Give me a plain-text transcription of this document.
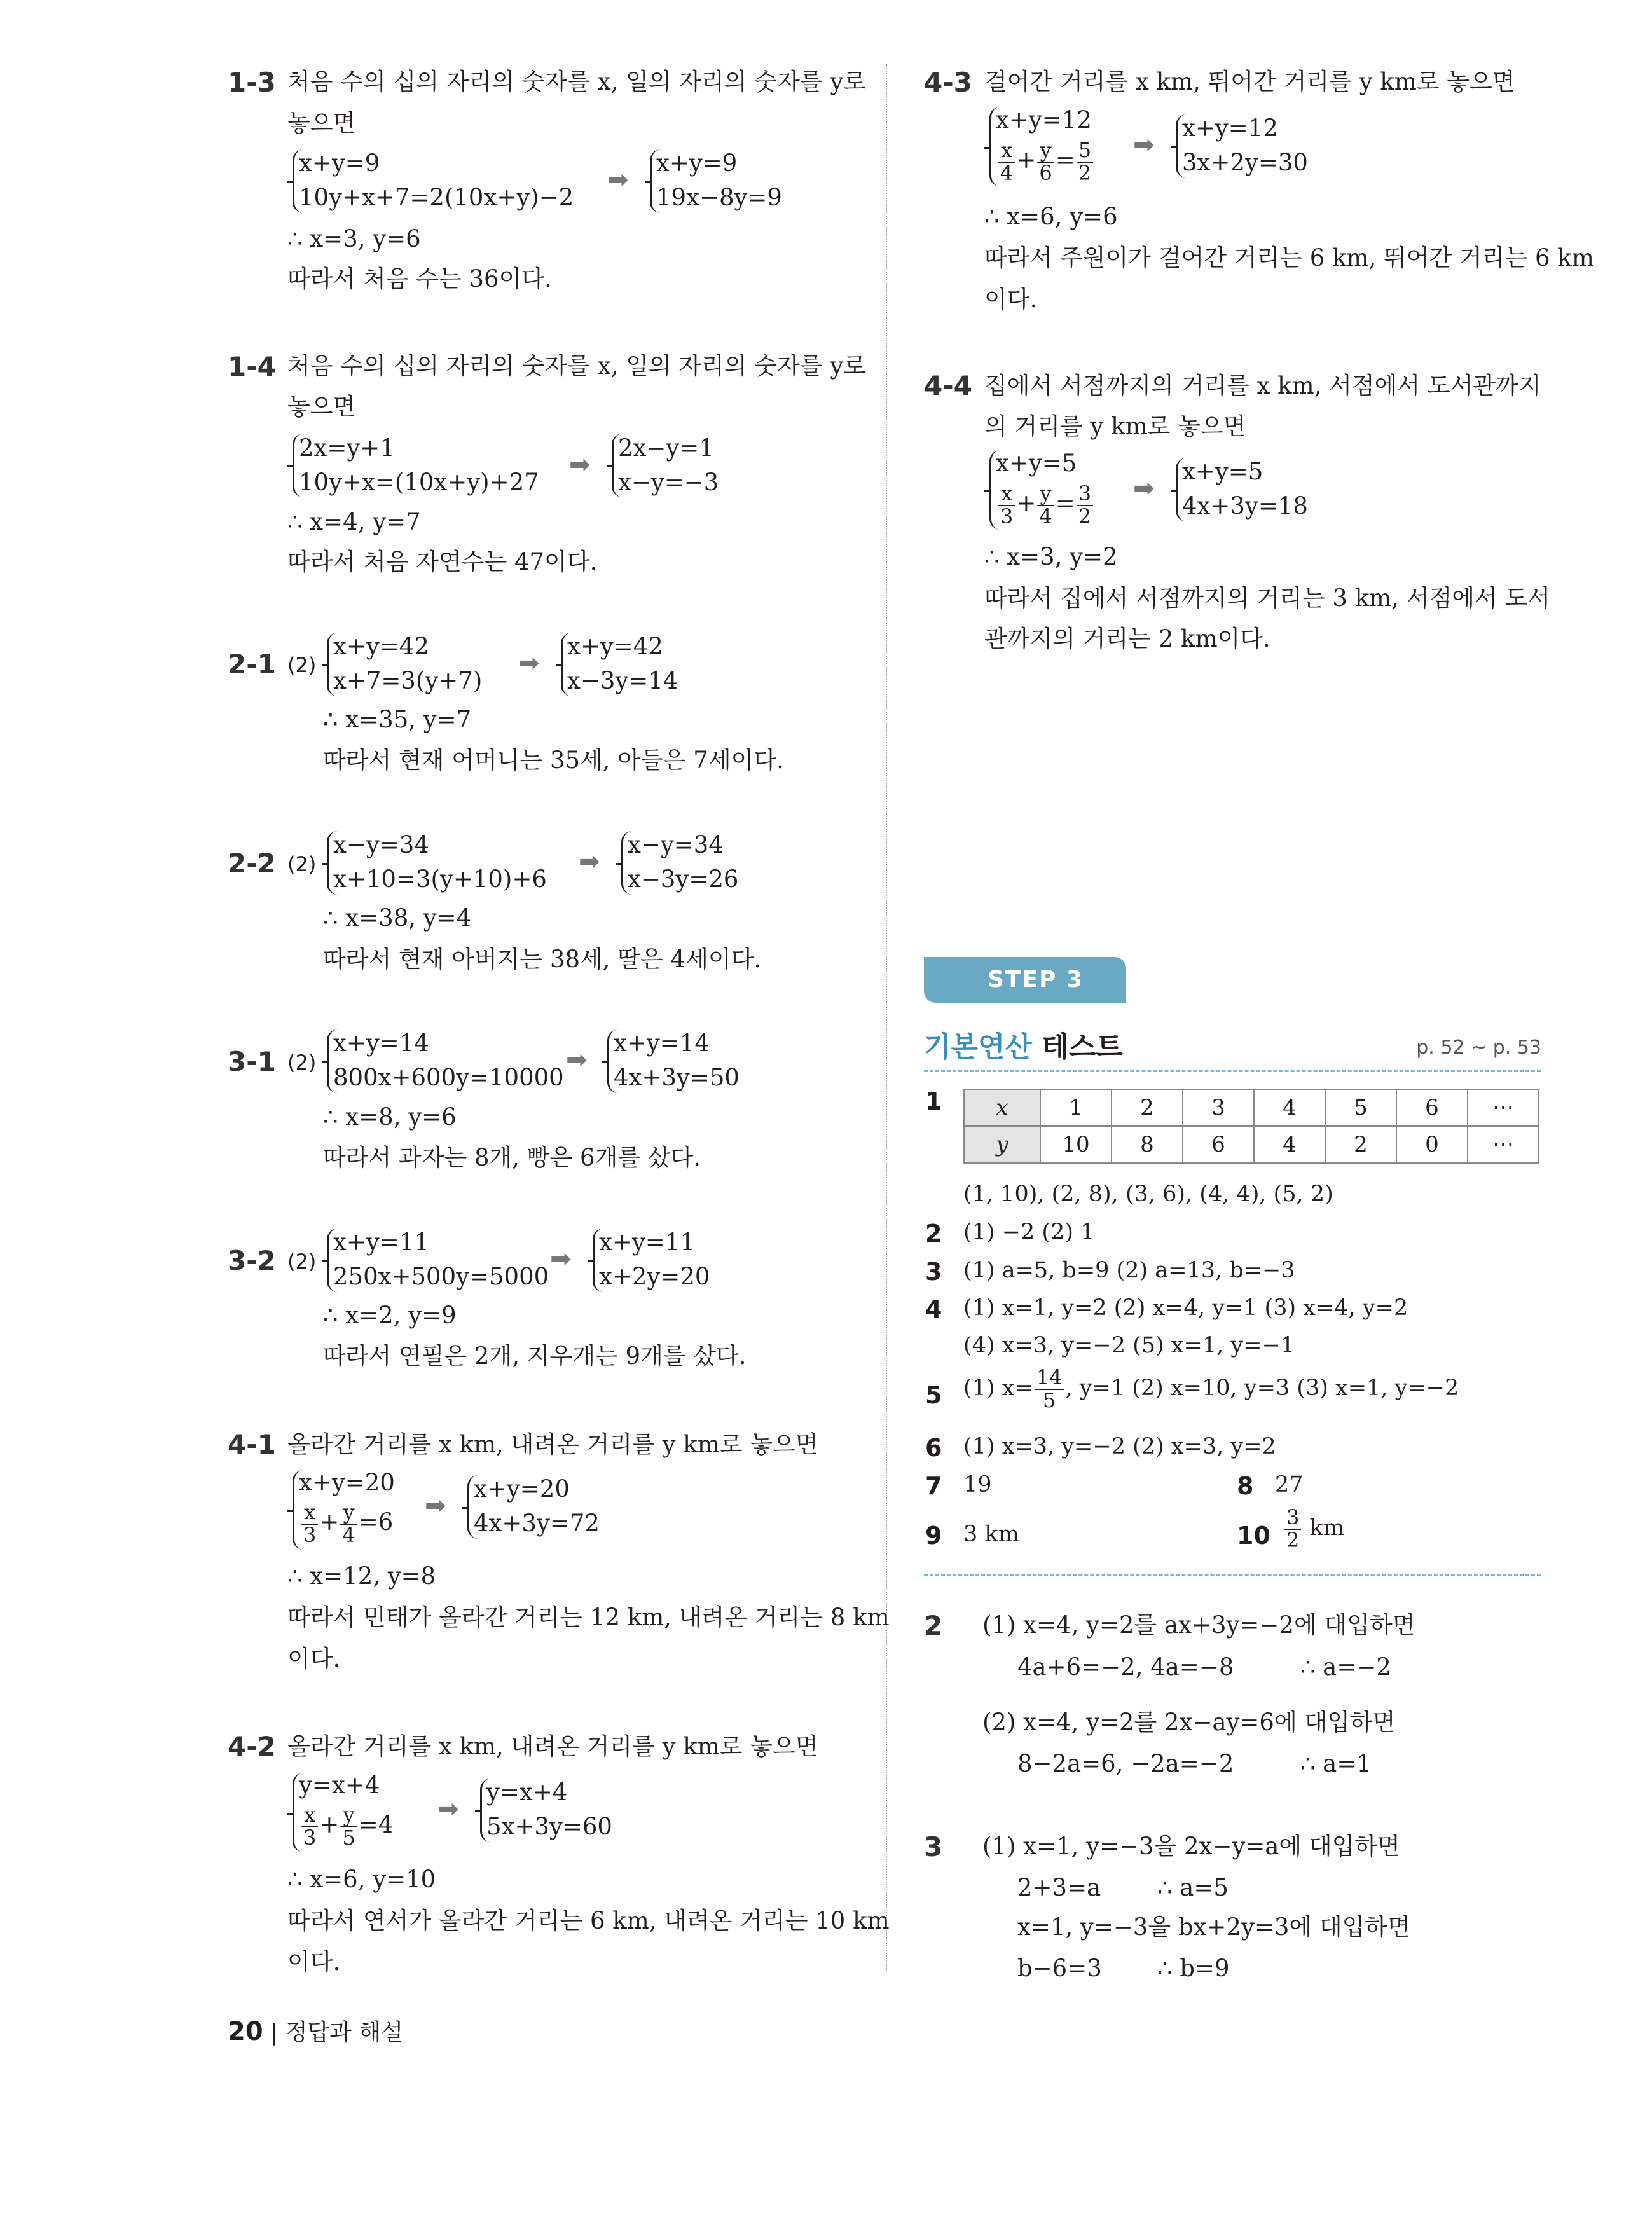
1-3 처음 수의 십의 자리의 숫자를 x, 일의 자리의 숫자를 y로
놓으면
x+y=9
10y+x+7=2(10x+y)−2
➡
x+y=9
19x−8y=9
∴ x=3, y=6
따라서 처음 수는 36이다.
1-4 처음 수의 십의 자리의 숫자를 x, 일의 자리의 숫자를 y로
놓으면
2x=y+1
10y+x=(10x+y)+27
➡
2x−y=1
x−y=−3
∴ x=4, y=7
따라서 처음 자연수는 47이다.
2-1 (2)
x+y=42
x+7=3(y+7)
➡
x+y=42
x−3y=14
∴ x=35, y=7
따라서 현재 어머니는 35세, 아들은 7세이다.
2-2 (2)
x−y=34
x+10=3(y+10)+6
➡
x−y=34
x−3y=26
∴ x=38, y=4
따라서 현재 아버지는 38세, 딸은 4세이다.
3-1 (2)
x+y=14
800x+600y=10000
➡
x+y=14
4x+3y=50
∴ x=8, y=6
따라서 과자는 8개, 빵은 6개를 샀다.
3-2 (2)
x+y=11
250x+500y=5000
➡
x+y=11
x+2y=20
∴ x=2, y=9
따라서 연필은 2개, 지우개는 9개를 샀다.
4-1 올라간 거리를 x km, 내려온 거리를 y km로 놓으면
x+y=20
$\frac{x}{3} + \frac{y}{4} =6$
➡
x+y=20
4x+3y=72
∴ x=12, y=8
따라서 민태가 올라간 거리는 12 km, 내려온 거리는 8 km
이다.
4-2 올라간 거리를 x km, 내려온 거리를 y km로 놓으면
y=x+4
$\frac{x}{3} + \frac{y}{5} =4$
➡
y=x+4
5x+3y=60
∴ x=6, y=10
따라서 연서가 올라간 거리는 6 km, 내려온 거리는 10 km
이다.
4-3 걸어간 거리를 x km, 뛰어간 거리를 y km로 놓으면
x+y=12
$\frac{x}{4} + \frac{y}{6} = \frac{5}{2}$ ➡
x+y=12
3x+2y=30
∴ x=6, y=6
따라서 주원이가 걸어간 거리는 6 km, 뛰어간 거리는 6 km
이다.
4-4 집에서 서점까지의 거리를 x km, 서점에서 도서관까지
의 거리를 y km로 놓으면
x+y=5
$\frac{x}{3} + \frac{y}{4} = \frac{3}{2}$ ➡
x+y=5
4x+3y=18
∴ x=3, y=2
따라서 집에서 서점까지의 거리는 3 km, 서점에서 도서
관까지의 거리는 2 km이다.
STEP 3
기본연산 테스트	p. 52 ~ p. 53
1 x	1	2	3	4	5	6	⋯
y	10	8	6	4	2	0	⋯
(1, 10), (2, 8), (3, 6), (4, 4), (5, 2)
2 (1) −2 (2) 1
3 (1) a=5, b=9 (2) a=13, b=−3
4 (1) x=1, y=2 (2) x=4, y=1 (3) x=4, y=2
(4) x=3, y=−2 (5) x=1, y=−1
5 (1) $x= \frac{14}{5}$ , y=1 (2) x=10, y=3 (3) x=1, y=−2
6 (1) x=3, y=−2 (2) x=3, y=2
7 19	8 27
9 3 km	$10 \frac{3}{2}$ km
2 (1) x=4, y=2를 ax+3y=−2에 대입하면
4a+6=−2, 4a=−8	∴ a=−2
(2) x=4, y=2를 2x−ay=6에 대입하면
8−2a=6, −2a=−2	∴ a=1
3 (1) x=1, y=−3을 2x−y=a에 대입하면
2+3=a ∴ a=5
x=1, y=−3을 bx+2y=3에 대입하면
b−6=3 ∴ b=9
20 | 정답과 해설
